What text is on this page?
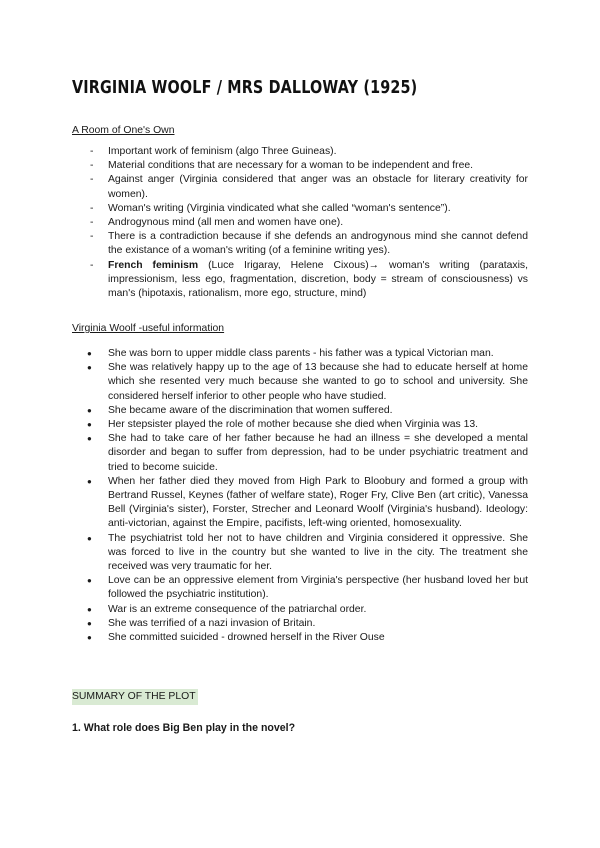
VIRGINIA WOOLF / MRS DALLOWAY (1925)
A Room of One's Own
- Important work of feminism (algo Three Guineas).
- Material conditions that are necessary for a woman to be independent and free.
- Against anger (Virginia considered that anger was an obstacle for literary creativity for women).
- Woman's writing (Virginia vindicated what she called “woman's sentence”).
- Androgynous mind (all men and women have one).
- There is a contradiction because if she defends an androgynous mind she cannot defend the existance of a woman's writing (of a feminine writing yes).
- French feminism (Luce Irigaray, Helene Cixous)→ woman's writing (parataxis, impressionism, less ego, fragmentation, discretion, body = stream of consciousness) vs man's (hipotaxis, rationalism, more ego, structure, mind)
Virginia Woolf -useful information
● She was born to upper middle class parents - his father was a typical Victorian man.
● She was relatively happy up to the age of 13 because she had to educate herself at home which she resented very much because she wanted to go to school and university. She considered herself inferior to other people who have studied.
● She became aware of the discrimination that women suffered.
● Her stepsister played the role of mother because she died when Virginia was 13.
● She had to take care of her father because he had an illness = she developed a mental disorder and began to suffer from depression, had to be under psychiatric treatment and tried to become suicide.
● When her father died they moved from High Park to Bloobury and formed a group with Bertrand Russel, Keynes (father of welfare state), Roger Fry, Clive Ben (art critic), Vanessa Bell (Virginia's sister), Forster, Strecher and Leonard Woolf (Virginia's husband). Ideology: anti-victorian, against the Empire, pacifists, left-wing oriented, homosexuality.
● The psychiatrist told her not to have children and Virginia considered it oppressive. She was forced to live in the country but she wanted to live in the city. The treatment she received was very traumatic for her.
● Love can be an oppressive element from Virginia's perspective (her husband loved her but followed the psychiatric institution).
● War is an extreme consequence of the patriarchal order.
● She was terrified of a nazi invasion of Britain.
● She committed suicided - drowned herself in the River Ouse
SUMMARY OF THE PLOT
1. What role does Big Ben play in the novel?
